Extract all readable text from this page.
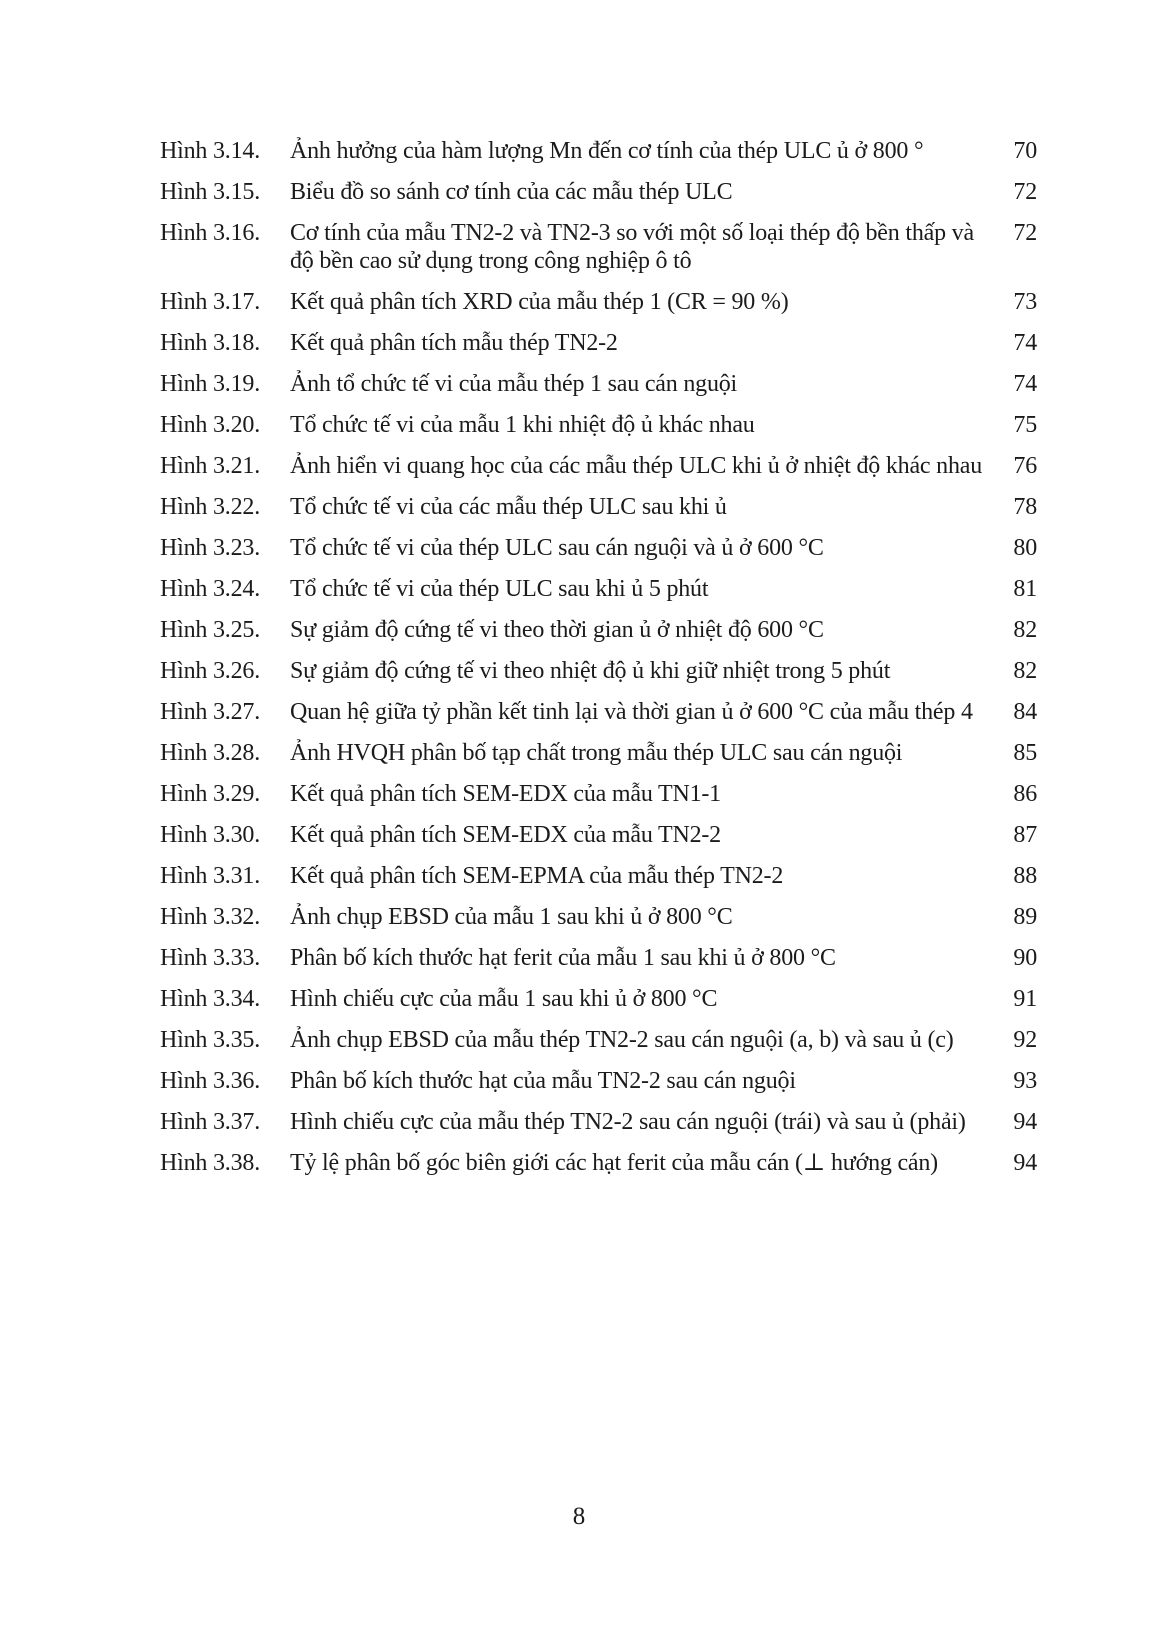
Hình 3.14. Ảnh hưởng của hàm lượng Mn đến cơ tính của thép ULC ủ ở 800 °	70
Hình 3.15. Biểu đồ so sánh cơ tính của các mẫu thép ULC	72
Hình 3.16. Cơ tính của mẫu TN2-2 và TN2-3 so với một số loại thép độ bền thấp và
độ bền cao sử dụng trong công nghiệp ô tô
72
Hình 3.17. Kết quả phân tích XRD của mẫu thép 1 (CR = 90 %)	73
Hình 3.18. Kết quả phân tích mẫu thép TN2-2	74
Hình 3.19. Ảnh tổ chức tế vi của mẫu thép 1 sau cán nguội	74
Hình 3.20. Tổ chức tế vi của mẫu 1 khi nhiệt độ ủ khác nhau	75
Hình 3.21. Ảnh hiển vi quang học của các mẫu thép ULC khi ủ ở nhiệt độ khác nhau 76
Hình 3.22. Tổ chức tế vi của các mẫu thép ULC sau khi ủ	78
Hình 3.23. Tổ chức tế vi của thép ULC sau cán nguội và ủ ở 600 °C	80
Hình 3.24. Tổ chức tế vi của thép ULC sau khi ủ 5 phút	81
Hình 3.25. Sự giảm độ cứng tế vi theo thời gian ủ ở nhiệt độ 600 °C	82
Hình 3.26. Sự giảm độ cứng tế vi theo nhiệt độ ủ khi giữ nhiệt trong 5 phút	82
Hình 3.27. Quan hệ giữa tỷ phần kết tinh lại và thời gian ủ ở 600 °C của mẫu thép 4 84
Hình 3.28. Ảnh HVQH phân bố tạp chất trong mẫu thép ULC sau cán nguội	85
Hình 3.29. Kết quả phân tích SEM-EDX của mẫu TN1-1	86
Hình 3.30. Kết quả phân tích SEM-EDX của mẫu TN2-2	87
Hình 3.31. Kết quả phân tích SEM-EPMA của mẫu thép TN2-2	88
Hình 3.32. Ảnh chụp EBSD của mẫu 1 sau khi ủ ở 800 °C	89
Hình 3.33. Phân bố kích thước hạt ferit của mẫu 1 sau khi ủ ở 800 °C	90
Hình 3.34. Hình chiếu cực của mẫu 1 sau khi ủ ở 800 °C	91
Hình 3.35. Ảnh chụp EBSD của mẫu thép TN2-2 sau cán nguội (a, b) và sau ủ (c)	92
Hình 3.36. Phân bố kích thước hạt của mẫu TN2-2 sau cán nguội	93
Hình 3.37. Hình chiếu cực của mẫu thép TN2-2 sau cán nguội (trái) và sau ủ (phải) 94
Hình 3.38. Tỷ lệ phân bố góc biên giới các hạt ferit của mẫu cán (⊥ hướng cán)	94
8
